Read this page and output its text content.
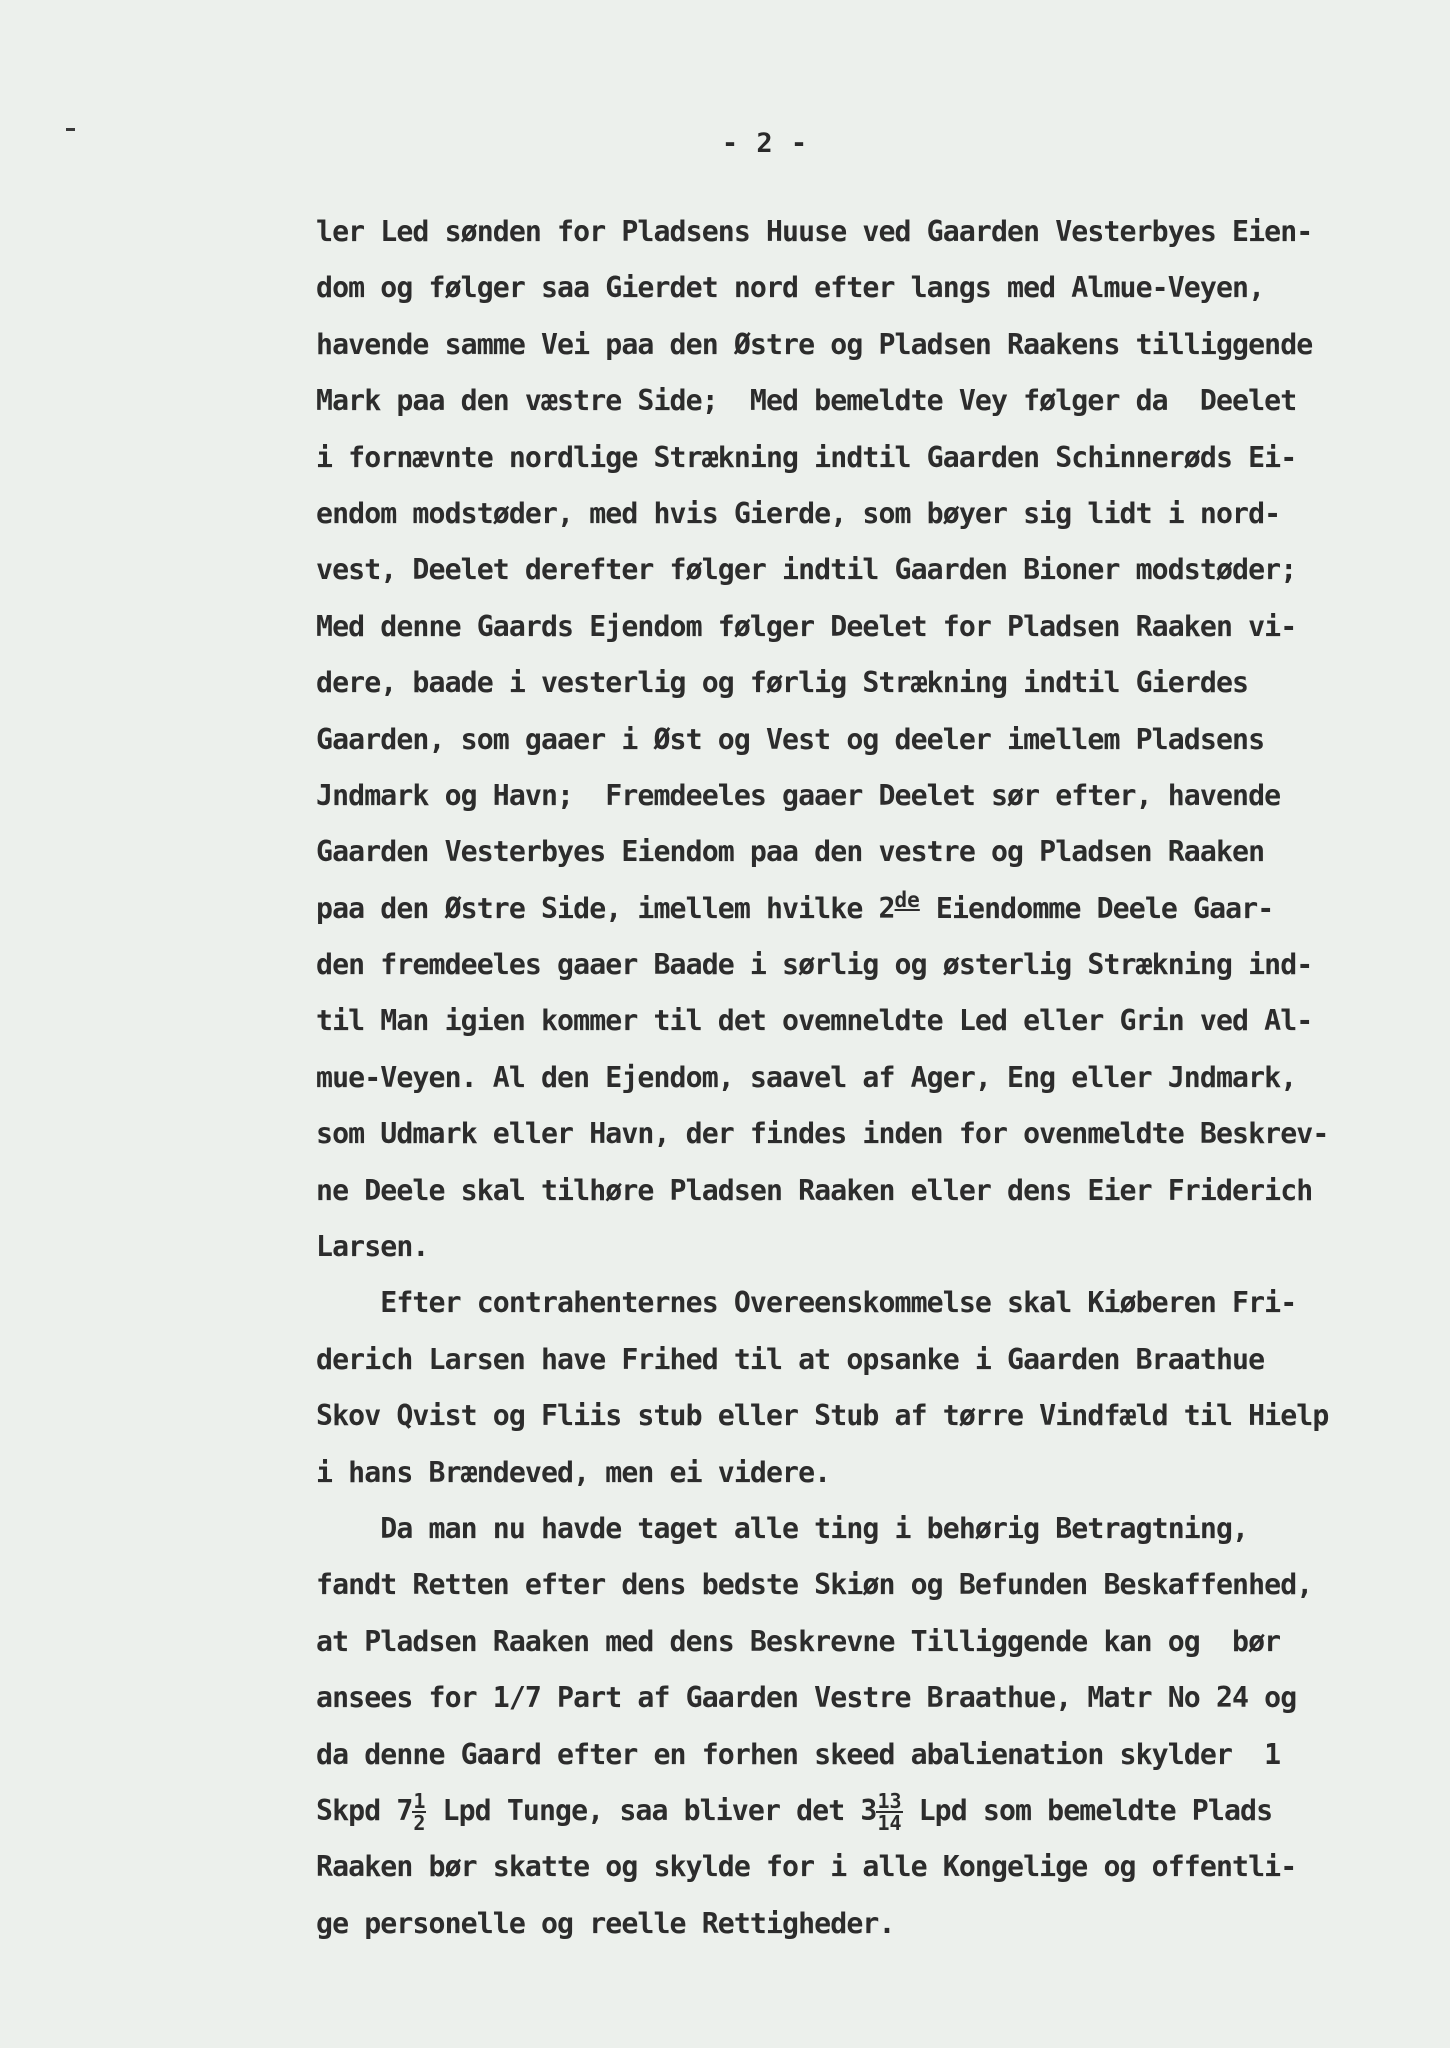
- 2 -
ler Led sønden for Pladsens Huuse ved Gaarden Vesterbyes Eien-
dom og følger saa Gierdet nord efter langs med Almue-Veyen,
havende samme Vei paa den Østre og Pladsen Raakens tilliggende
Mark paa den væstre Side;  Med bemeldte Vey følger da  Deelet
i fornævnte nordlige Strækning indtil Gaarden Schinnerøds Ei-
endom modstøder, med hvis Gierde, som bøyer sig lidt i nord-
vest, Deelet derefter følger indtil Gaarden Bioner modstøder;
Med denne Gaards Ejendom følger Deelet for Pladsen Raaken vi-
dere, baade i vesterlig og førlig Strækning indtil Gierdes
Gaarden, som gaaer i Øst og Vest og deeler imellem Pladsens
Jndmark og Havn;  Fremdeeles gaaer Deelet sør efter, havende
Gaarden Vesterbyes Eiendom paa den vestre og Pladsen Raaken
paa den Østre Side, imellem hvilke 2de Eiendomme Deele Gaar-
den fremdeeles gaaer Baade i sørlig og østerlig Strækning ind-
til Man igien kommer til det ovemneldte Led eller Grin ved Al-
mue-Veyen. Al den Ejendom, saavel af Ager, Eng eller Jndmark,
som Udmark eller Havn, der findes inden for ovenmeldte Beskrev-
ne Deele skal tilhøre Pladsen Raaken eller dens Eier Friderich
Larsen.
Efter contrahenternes Overeenskommelse skal Kiøberen Fri-
derich Larsen have Frihed til at opsanke i Gaarden Braathue
Skov Qvist og Fliis stub eller Stub af tørre Vindfæld til Hielp
i hans Brændeved, men ei videre.
Da man nu havde taget alle ting i behørig Betragtning,
fandt Retten efter dens bedste Skiøn og Befunden Beskaffenhed,
at Pladsen Raaken med dens Beskrevne Tilliggende kan og  bør
ansees for 1/7 Part af Gaarden Vestre Braathue, Matr No 24 og
da denne Gaard efter en forhen skeed abalienation skylder  1
Skpd $7 \frac{1}{2}$ Lpd Tunge, saa bliver $\det 3 \frac{13}{14}$ Lpd som bemeldte Plads
Raaken bør skatte og skylde for i alle Kongelige og offentli-
ge personelle og reelle Rettigheder.
